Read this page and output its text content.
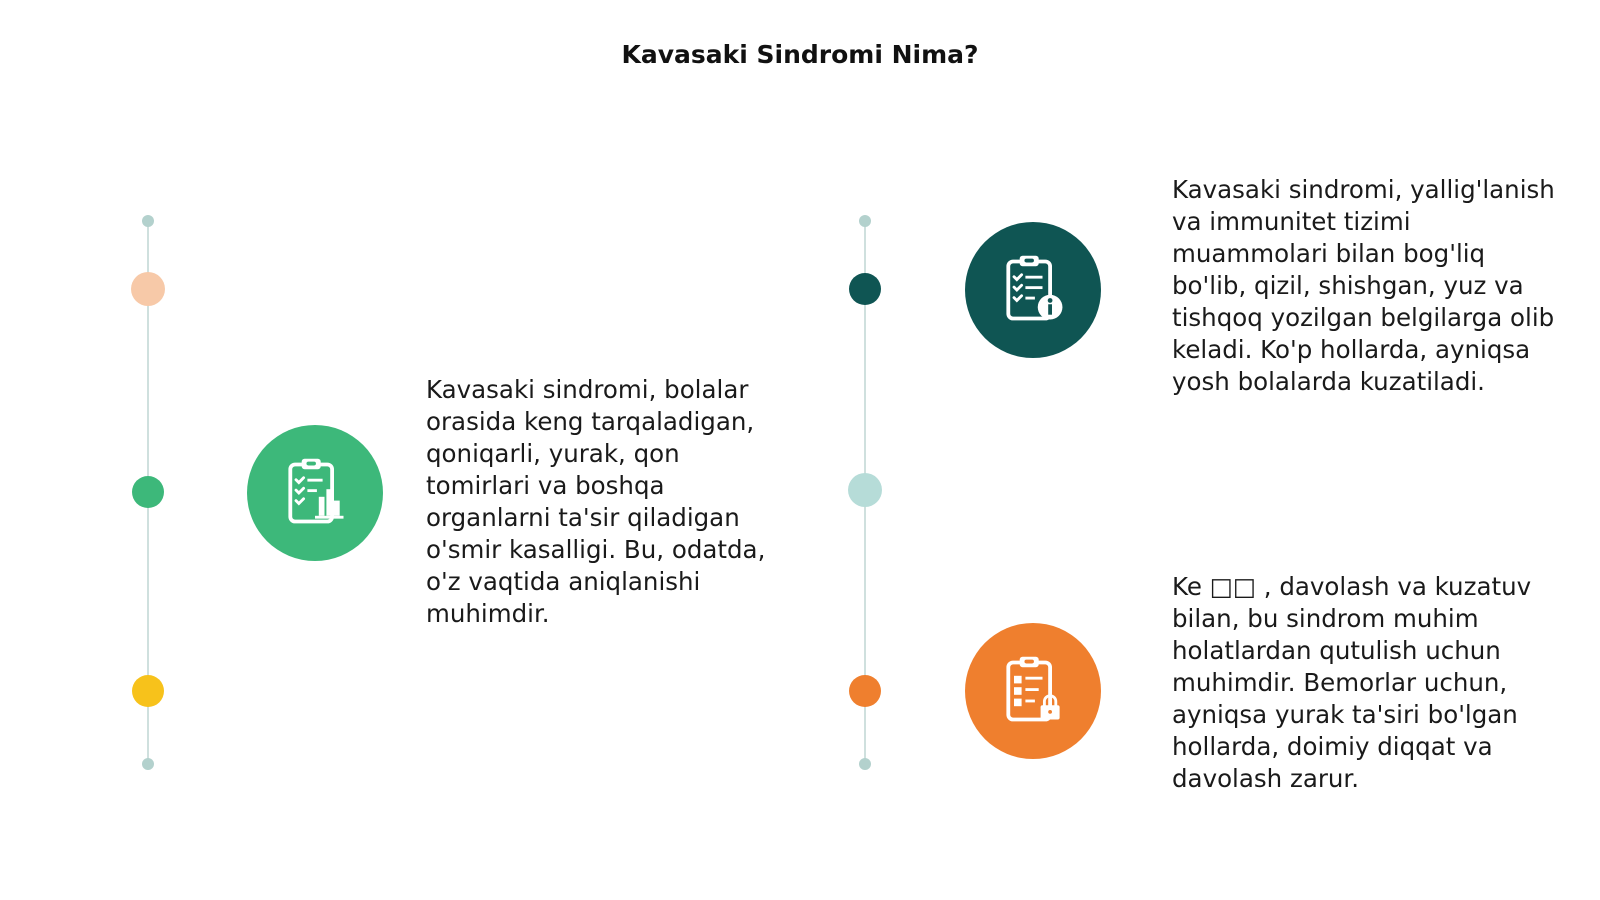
Kavasaki Sindromi Nima?

Kavasaki sindromi, bolalar orasida keng tarqaladigan, qoniqarli, yurak, qon tomirlari va boshqa organlarni ta'sir qiladigan o'smir kasalligi. Bu, odatda, o'z vaqtida aniqlanishi muhimdir.

Kavasaki sindromi, yallig'lanish va immunitet tizimi muammolari bilan bog'liq bo'lib, qizil, shishgan, yuz va tishqoq yozilgan belgilarga olib keladi. Ko'p hollarda, ayniqsa yosh bolalarda kuzatiladi.

Ke □□ , davolash va kuzatuv bilan, bu sindrom muhim holatlardan qutulish uchun muhimdir. Bemorlar uchun, ayniqsa yurak ta'siri bo'lgan hollarda, doimiy diqqat va davolash zarur.
